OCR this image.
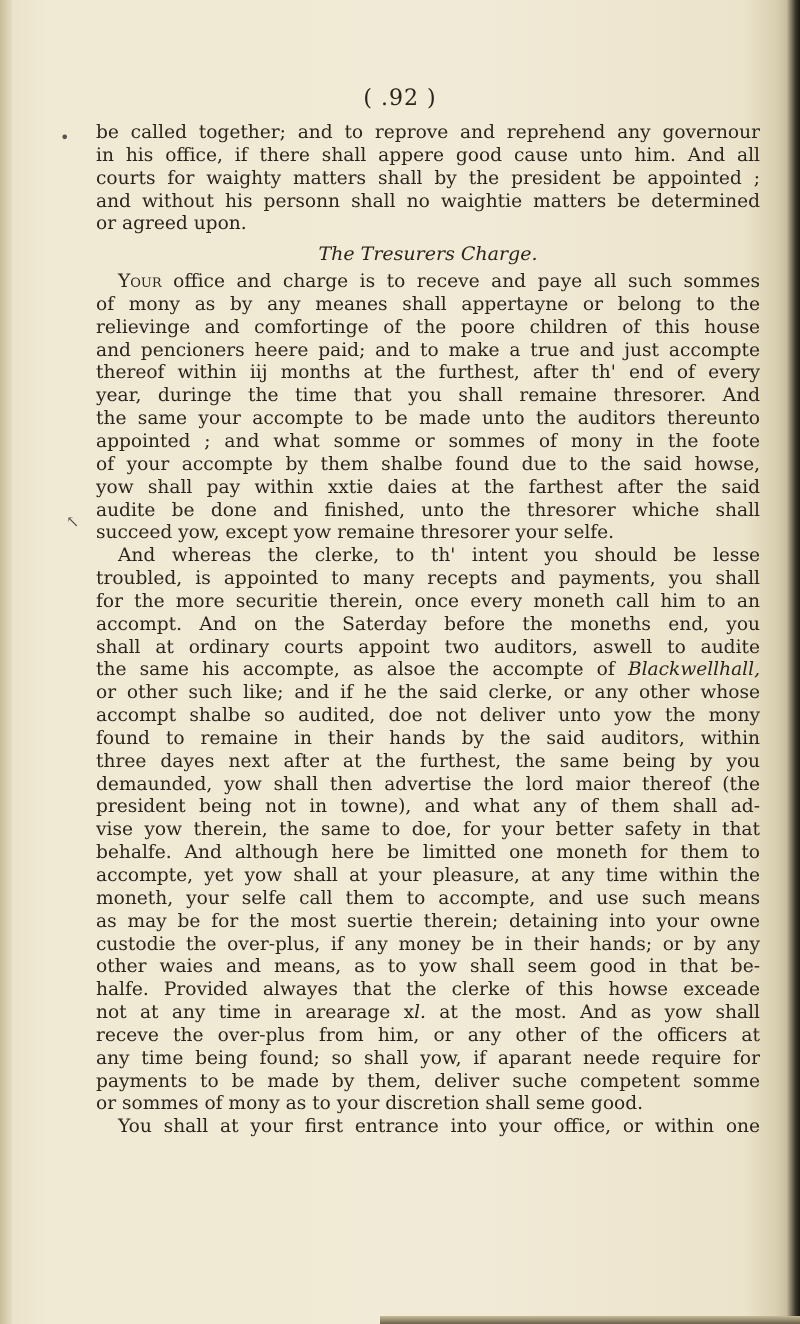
•
↖
( .92 )
be called together; and to reprove and reprehend any governour
in his office, if there shall appere good cause unto him. And all
courts for waighty matters shall by the president be appointed ;
and without his personn shall no waightie matters be determined
or agreed upon.
The Tresurers Charge.
Your office and charge is to receve and paye all such sommes
of mony as by any meanes shall appertayne or belong to the
relievinge and comfortinge of the poore children of this house
and pencioners heere paid; and to make a true and just accompte
thereof within iij months at the furthest, after th' end of every
year, duringe the time that you shall remaine thresorer. And
the same your accompte to be made unto the auditors thereunto
appointed ; and what somme or sommes of mony in the foote
of your accompte by them shalbe found due to the said howse,
yow shall pay within xxtie daies at the farthest after the said
audite be done and finished, unto the thresorer whiche shall
succeed yow, except yow remaine thresorer your selfe.
And whereas the clerke, to th' intent you should be lesse
troubled, is appointed to many recepts and payments, you shall
for the more securitie therein, once every moneth call him to an
accompt. And on the Saterday before the moneths end, you
shall at ordinary courts appoint two auditors, aswell to audite
the same his accompte, as alsoe the accompte of Blackwellhall,
or other such like; and if he the said clerke, or any other whose
accompt shalbe so audited, doe not deliver unto yow the mony
found to remaine in their hands by the said auditors, within
three dayes next after at the furthest, the same being by you
demaunded, yow shall then advertise the lord maior thereof (the
president being not in towne), and what any of them shall ad-
vise yow therein, the same to doe, for your better safety in that
behalfe. And although here be limitted one moneth for them to
accompte, yet yow shall at your pleasure, at any time within the
moneth, your selfe call them to accompte, and use such means
as may be for the most suertie therein; detaining into your owne
custodie the over-plus, if any money be in their hands; or by any
other waies and means, as to yow shall seem good in that be-
halfe. Provided alwayes that the clerke of this howse exceade
not at any time in arearage xl. at the most. And as yow shall
receve the over-plus from him, or any other of the officers at
any time being found; so shall yow, if aparant neede require for
payments to be made by them, deliver suche competent somme
or sommes of mony as to your discretion shall seme good.
You shall at your first entrance into your office, or within one
